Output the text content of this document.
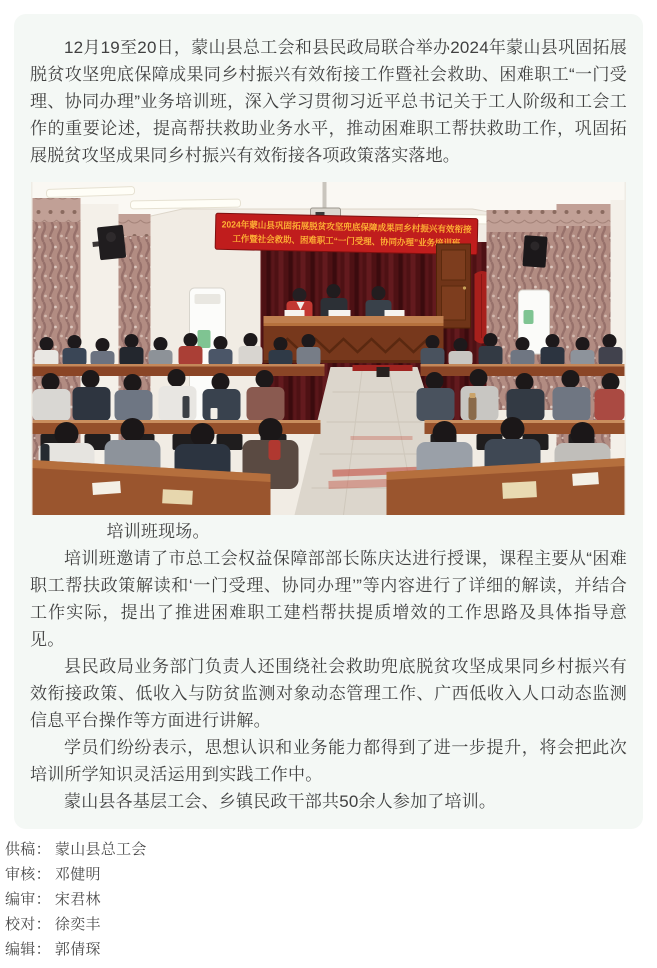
12月19至20日，蒙山县总工会和县民政局联合举办2024年蒙山县巩固拓展脱贫攻坚兜底保障成果同乡村振兴有效衔接工作暨社会救助、困难职工“一门受理、协同办理”业务培训班，深入学习贯彻习近平总书记关于工人阶级和工会工作的重要论述，提高帮扶救助业务水平，推动困难职工帮扶救助工作，巩固拓展脱贫攻坚成果同乡村振兴有效衔接各项政策落实落地。

2024年蒙山县巩固拓展脱贫攻坚兜底保障成果同乡村振兴有效衔接
工作暨社会救助、困难职工“一门受理、协同办理”业务培训班

培训班现场。

培训班邀请了市总工会权益保障部部长陈庆达进行授课，课程主要从“困难职工帮扶政策解读和‘一门受理、协同办理’”等内容进行了详细的解读，并结合工作实际，提出了推进困难职工建档帮扶提质增效的工作思路及具体指导意见。

县民政局业务部门负责人还围绕社会救助兜底脱贫攻坚成果同乡村振兴有效衔接政策、低收入与防贫监测对象动态管理工作、广西低收入人口动态监测信息平台操作等方面进行讲解。

学员们纷纷表示，思想认识和业务能力都得到了进一步提升，将会把此次培训所学知识灵活运用到实践工作中。

蒙山县各基层工会、乡镇民政干部共50余人参加了培训。

供稿： 蒙山县总工会

审核： 邓健明

编审： 宋君林

校对： 徐奕丰

编辑： 郭倩琛
